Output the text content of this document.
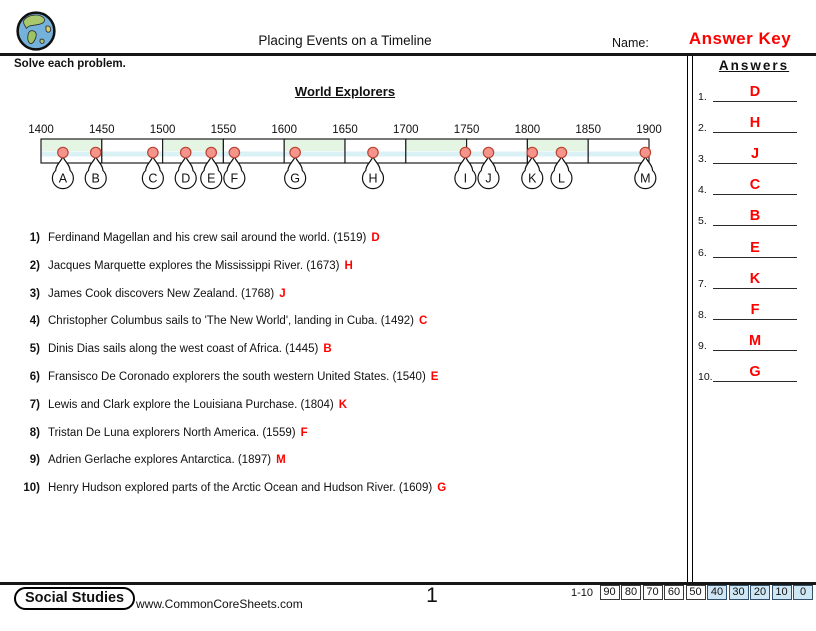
Placing Events on a Timeline	Name:	Answer Key
Solve each problem.	Answers
1.	D
2.	H
3.	J
4.	C
5.	B
6.	E
7.	K
8.	F
9.	M
10.	G
World Explorers
1400	1450	1500	1550	1600	1650	1700	1750	1800	1850	1900
A B	C D E F	G	H	I J	K L	M
1) Ferdinand Magellan and his crew sail around the world. (1519) D
2) Jacques Marquette explores the Mississippi River. (1673) H
3) James Cook discovers New Zealand. (1768) J
4) Christopher Columbus sails to 'The New World', landing in Cuba. (1492) C
5) Dinis Dias sails along the west coast of Africa. (1445) B
6) Fransisco De Coronado explorers the south western United States. (1540) E
7) Lewis and Clark explore the Louisiana Purchase. (1804) K
8) Tristan De Luna explorers North America. (1559) F
9) Adrien Gerlache explores Antarctica. (1897) M
10) Henry Hudson explored parts of the Arctic Ocean and Hudson River. (1609) G
Social Studies www.CommonCoreSheets.com	1	1-10 90 80 70 60 50 40 30 20 10	0
